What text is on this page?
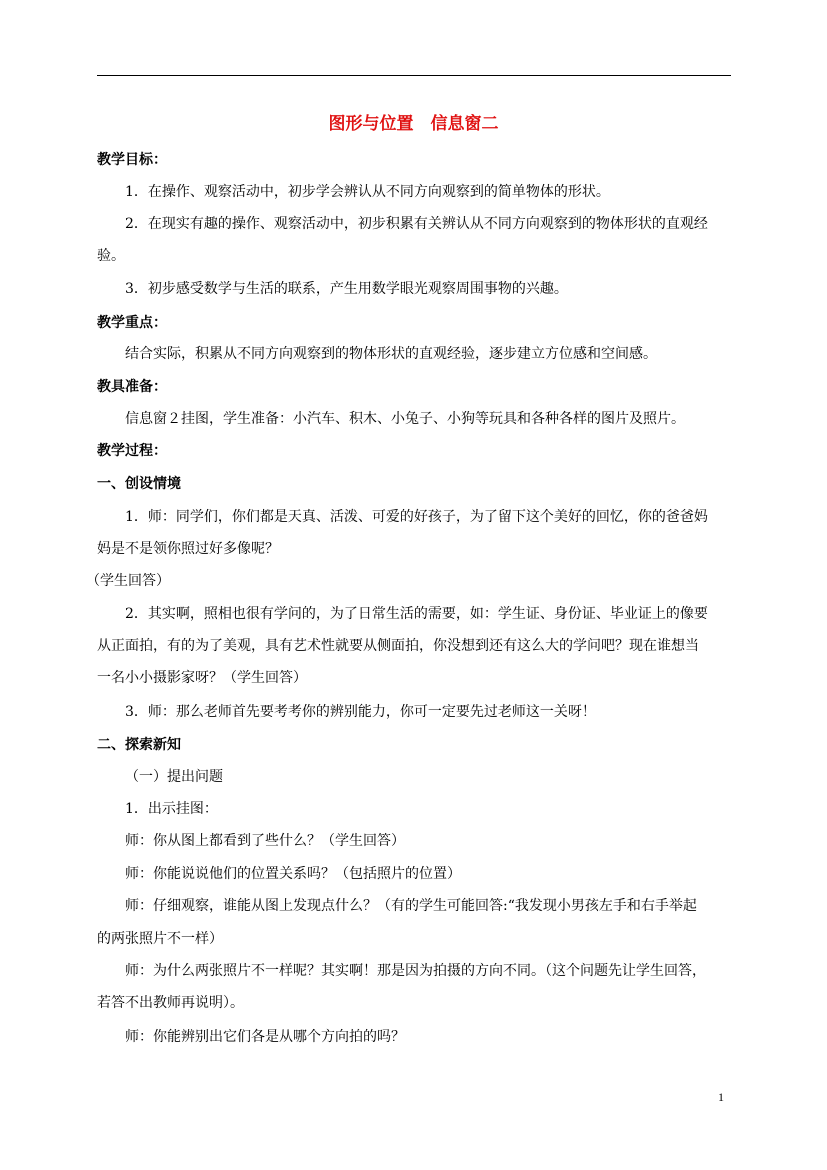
图形与位置　信息窗二
教学目标：
1．在操作、观察活动中，初步学会辨认从不同方向观察到的简单物体的形状。
2．在现实有趣的操作、观察活动中，初步积累有关辨认从不同方向观察到的物体形状的直观经
验。
3．初步感受数学与生活的联系，产生用数学眼光观察周围事物的兴趣。
教学重点：
结合实际，积累从不同方向观察到的物体形状的直观经验，逐步建立方位感和空间感。
教具准备：
信息窗２挂图，学生准备：小汽车、积木、小兔子、小狗等玩具和各种各样的图片及照片。
教学过程：
一、创设情境
1．师：同学们，你们都是天真、活泼、可爱的好孩子，为了留下这个美好的回忆，你的爸爸妈
妈是不是领你照过好多像呢？
（学生回答）
2．其实啊，照相也很有学问的，为了日常生活的需要，如：学生证、身份证、毕业证上的像要
从正面拍，有的为了美观，具有艺术性就要从侧面拍，你没想到还有这么大的学问吧？现在谁想当
一名小小摄影家呀？（学生回答）
3．师：那么老师首先要考考你的辨别能力，你可一定要先过老师这一关呀！
二、探索新知
（一）提出问题
1．出示挂图：
师：你从图上都看到了些什么？（学生回答）
师：你能说说他们的位置关系吗？（包括照片的位置）
师：仔细观察，谁能从图上发现点什么？（有的学生可能回答:“我发现小男孩左手和右手举起
的两张照片不一样）
师：为什么两张照片不一样呢？其实啊！那是因为拍摄的方向不同。（这个问题先让学生回答，
若答不出教师再说明）。
师：你能辨别出它们各是从哪个方向拍的吗？
1
